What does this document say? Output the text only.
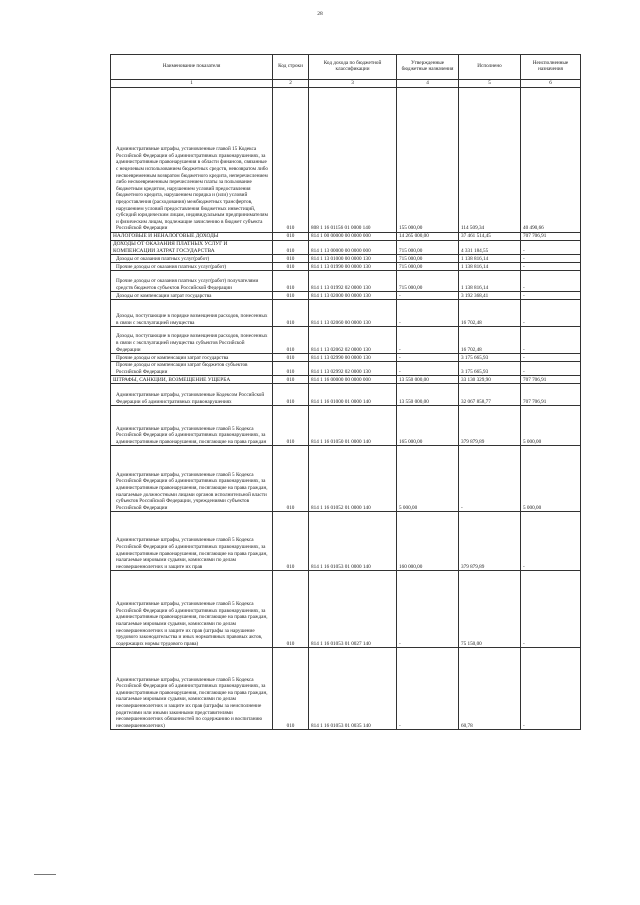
28
Наименование показателя	Код строки	Код дохода по бюджетной классификации	Утвержденные бюджетные назначения	Исполнено	Неисполненные назначения
1	2	3	4	5	6
Административные штрафы, установленные главой 15 Кодекса Российской Федерации об административных правонарушениях, за административные правонарушения в области финансов, связанные с нецелевым использованием бюджетных средств, невозвратом либо несвоевременным возвратом бюджетного кредита, неперечислением либо несвоевременным перечислением платы за пользование бюджетным кредитом, нарушением условий предоставления бюджетного кредита, нарушением порядка и (или) условий предоставления (расходования) межбюджетных трансфертов, нарушением условий предоставления бюджетных инвестиций, субсидий юридическим лицам, индивидуальным предпринимателям и физическим лицам, подлежащие зачислению в бюджет субъекта Российской Федерации	010	808 1 16 01156 01 0000 140	155 000,00	114 509,34	40 490,66
НАЛОГОВЫЕ И НЕНАЛОГОВЫЕ ДОХОДЫ	010	814 1 00 00000 00 0000 000	14 265 000,00	37 461 514,45	707 706,91
ДОХОДЫ ОТ ОКАЗАНИЯ ПЛАТНЫХ УСЛУГ И КОМПЕНСАЦИИ ЗАТРАТ ГОСУДАРСТВА	010	814 1 13 00000 00 0000 000	715 000,00	4 331 184,55	-
Доходы от оказания платных услуг(работ)	010	814 1 13 01000 00 0000 130	715 000,00	1 138 816,14	-
Прочие доходы от оказания платных услуг(работ)	010	814 1 13 01990 00 0000 130	715 000,00	1 138 816,14	-
Прочие доходы от оказания платных услуг(работ) получателями средств бюджетов субъектов Российской Федерации	010	814 1 13 01992 02 0000 130	715 000,00	1 138 816,14	-
Доходы от компенсации затрат государства	010	814 1 13 02000 00 0000 130	-	3 192 368,41	-
Доходы, поступающие в порядке возмещения расходов, понесенных в связи с эксплуатацией имущества	010	814 1 13 02060 00 0000 130	-	16 702,48	-
Доходы, поступающие в порядке возмещения расходов, понесенных в связи с эксплуатацией имущества субъектов Российской Федерации	010	814 1 13 02062 02 0000 130	-	16 702,48	-
Прочие доходы от компенсации затрат государства	010	814 1 13 02990 00 0000 130	-	3 175 665,93	-
Прочие доходы от компенсации затрат бюджетов субъектов Российской Федерации	010	814 1 13 02992 02 0000 130	-	3 175 665,93	-
ШТРАФЫ, САНКЦИИ, ВОЗМЕЩЕНИЕ УЩЕРБА	010	814 1 16 00000 00 0000 000	13 550 000,00	33 130 329,90	707 706,91
Административные штрафы, установленные Кодексом Российской Федерации об административных правонарушениях	010	814 1 16 01000 01 0000 140	13 550 000,00	32 067 858,77	707 706,91
Административные штрафы, установленные главой 5 Кодекса Российской Федерации об административных правонарушениях, за административные правонарушения, посягающие на права граждан	010	814 1 16 01050 01 0000 140	165 000,00	379 879,89	5 000,00
Административные штрафы, установленные главой 5 Кодекса Российской Федерации об административных правонарушениях, за административные правонарушения, посягающие на права граждан, налагаемые должностными лицами органов исполнительной власти субъектов Российской Федерации, учреждениями субъектов Российской Федерации	010	814 1 16 01052 01 0000 140	5 000,00	-	5 000,00
Административные штрафы, установленные главой 5 Кодекса Российской Федерации об административных правонарушениях, за административные правонарушения, посягающие на права граждан, налагаемые мировыми судьями, комиссиями по делам несовершеннолетних и защите их прав	010	814 1 16 01053 01 0000 140	160 000,00	379 879,89	-
Административные штрафы, установленные главой 5 Кодекса Российской Федерации об административных правонарушениях, за административные правонарушения, посягающие на права граждан, налагаемые мировыми судьями, комиссиями по делам несовершеннолетних и защите их прав (штрафы за нарушение трудового законодательства и иных нормативных правовых актов, содержащих нормы трудового права)	010	814 1 16 01053 01 0027 140	-	75 150,00	-
Административные штрафы, установленные главой 5 Кодекса Российской Федерации об административных правонарушениях, за административные правонарушения, посягающие на права граждан, налагаемые мировыми судьями, комиссиями по делам несовершеннолетних и защите их прав (штрафы за неисполнение родителями или иными законными представителями несовершеннолетних обязанностей по содержанию и воспитанию несовершеннолетних)	010	814 1 16 01053 01 0035 140	-	60,78	-
